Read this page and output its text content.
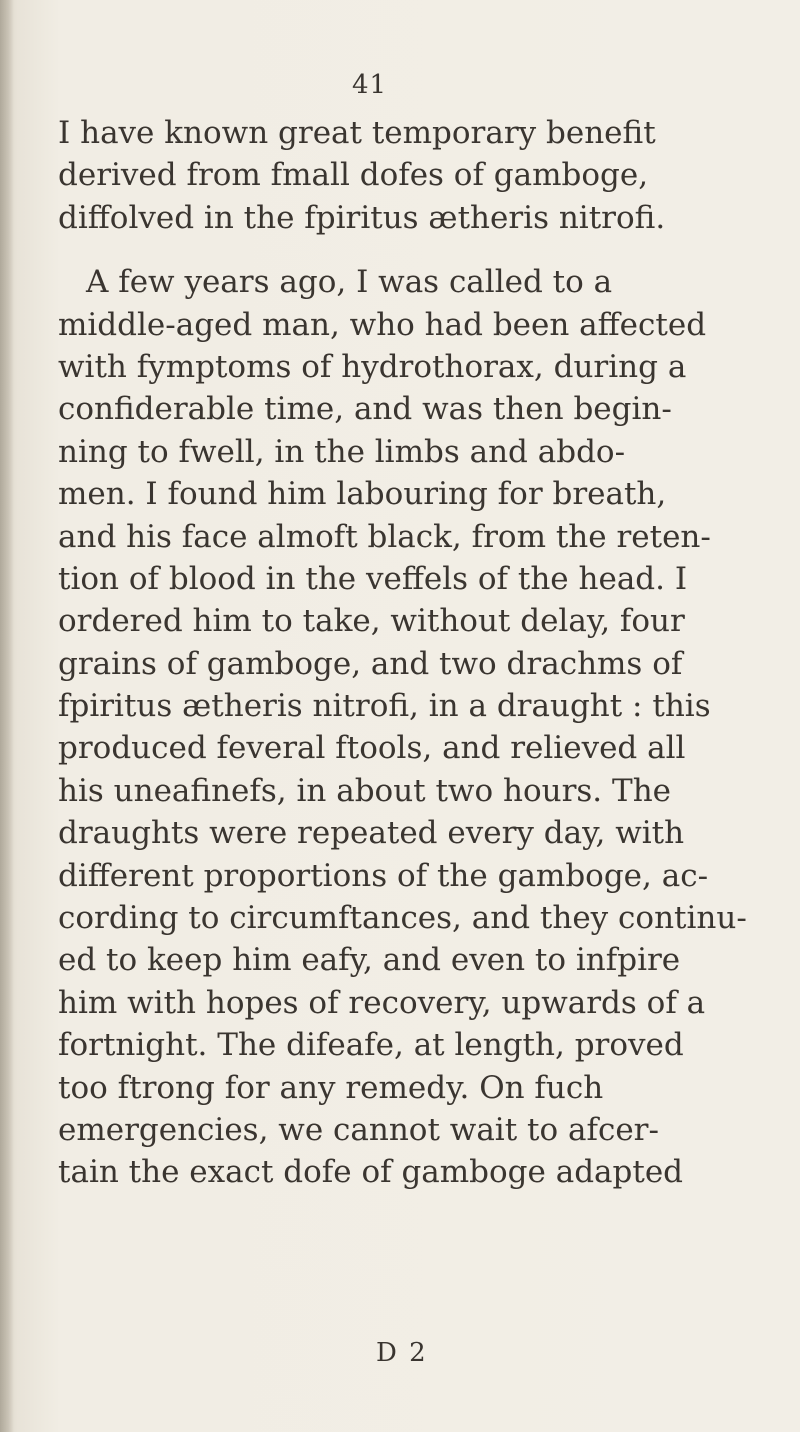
41
I have known great temporary benefit
derived from fmall dofes of gamboge,
diffolved in the fpiritus ætheris nitrofi.
A few years ago, I was called to a
middle-aged man, who had been affected
with fymptoms of hydrothorax, during a
confiderable time, and was then begin-
ning to fwell, in the limbs and abdo-
men. I found him labouring for breath,
and his face almoft black, from the reten-
tion of blood in the veffels of the head. I
ordered him to take, without delay, four
grains of gamboge, and two drachms of
fpiritus ætheris nitrofi, in a draught : this
produced feveral ftools, and relieved all
his uneafinefs, in about two hours. The
draughts were repeated every day, with
different proportions of the gamboge, ac-
cording to circumftances, and they continu-
ed to keep him eafy, and even to infpire
him with hopes of recovery, upwards of a
fortnight. The difeafe, at length, proved
too ftrong for any remedy. On fuch
emergencies, we cannot wait to afcer-
tain the exact dofe of gamboge adapted
D 2
